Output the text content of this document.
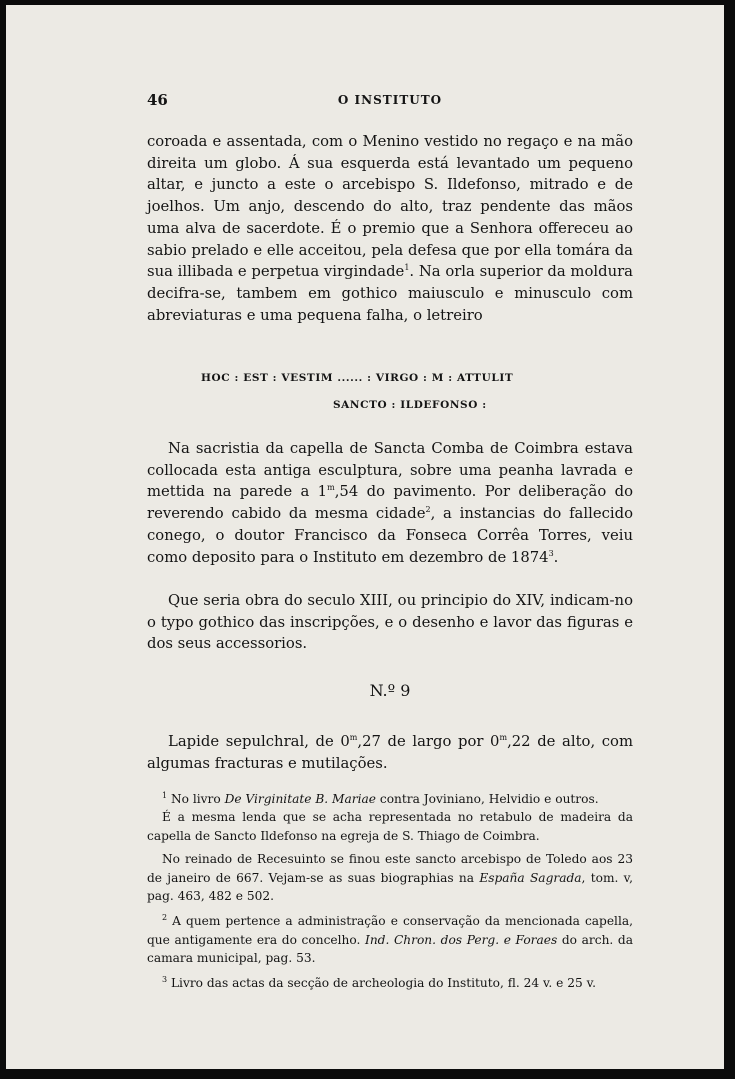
46	O INSTITUTO

coroada e assentada, com o Menino vestido no regaço e na mão direita um globo. Á sua esquerda está levantado um pequeno altar, e juncto a este o arcebispo S. Ildefonso, mitrado e de joelhos. Um anjo, descendo do alto, traz pendente das mãos uma alva de sacerdote. É o premio que a Senhora offereceu ao sabio prelado e elle acceitou, pela defesa que por ella tomára da sua illibada e perpetua virgindade$^1$. Na orla superior da moldura decifra-se, tambem em gothico maiusculo e minusculo com abreviaturas e uma pequena falha, o letreiro

HOC : EST : VESTIM ...... : VIRGO : M : ATTULIT

SANCTO : ILDEFONSO :

Na sacristia da capella de Sancta Comba de Coimbra estava collocada esta antiga esculptura, sobre uma peanha lavrada e mettida na parede a 1$^m$,54 do pavimento. Por deliberação do reverendo cabido da mesma cidade$^2$, a instancias do fallecido conego, o doutor Francisco da Fonseca Corrêa Torres, veiu como deposito para o Instituto em dezembro de 1874$^3$.

Que seria obra do seculo XIII, ou principio do XIV, indicam-no o typo gothico das inscripções, e o desenho e lavor das figuras e dos seus accessorios.

N.º 9

Lapide sepulchral, de 0$^m$,27 de largo por 0$^m$,22 de alto, com algumas fracturas e mutilações.

$^1$ No livro De Virginitate B. Mariae contra Joviniano, Helvidio e outros.

É a mesma lenda que se acha representada no retabulo de madeira da capella de Sancto Ildefonso na egreja de S. Thiago de Coimbra.

No reinado de Recesuinto se finou este sancto arcebispo de Toledo aos 23 de janeiro de 667. Vejam-se as suas biographias na España Sagrada, tom. v, pag. 463, 482 e 502.

$^2$ A quem pertence a administração e conservação da mencionada capella, que antigamente era do concelho. Ind. Chron. dos Perg. e Foraes do arch. da camara municipal, pag. 53.

$^3$ Livro das actas da secção de archeologia do Instituto, fl. 24 v. e 25 v.
